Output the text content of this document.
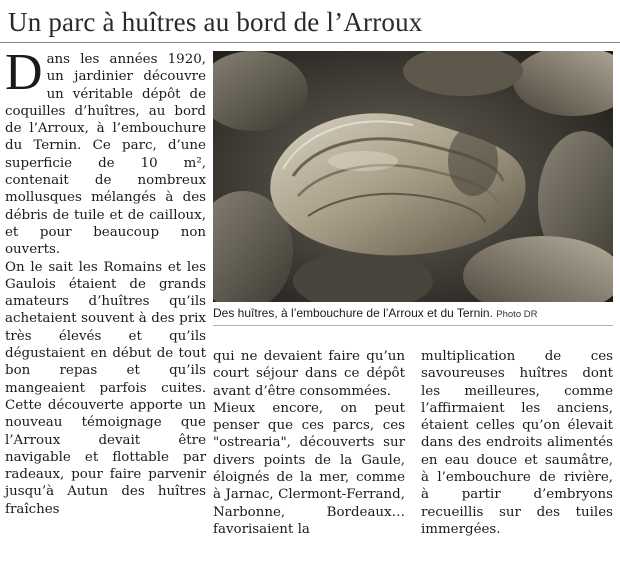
Un parc à huîtres au bord de l’Arroux

Dans les années 1920, un jardinier découvre un véritable dépôt de coquilles d’huîtres, au bord de l’Arroux, à l’embouchure du Ternin. Ce parc, d’une superficie de 10 m², contenait de nombreux mollusques mélangés à des débris de tuile et de cailloux, et pour beaucoup non ouverts.

On le sait les Romains et les Gaulois étaient de grands amateurs d’huîtres qu’ils achetaient souvent à des prix très élevés et qu’ils dégustaient en début de tout bon repas et qu’ils mangeaient parfois cuites. Cette découverte apporte un nouveau témoignage que l’Arroux devait être navigable et flottable par radeaux, pour faire parvenir jusqu’à Autun des huîtres fraîches

Des huîtres, à l’embouchure de l’Arroux et du Ternin. Photo DR

qui ne devaient faire qu’un court séjour dans ce dépôt avant d’être consommées.

Mieux encore, on peut penser que ces parcs, ces "ostrearia", découverts sur divers points de la Gaule, éloignés de la mer, comme à Jarnac, Clermont-Ferrand, Narbonne, Bordeaux… favorisaient la

multiplication de ces savoureuses huîtres dont les meilleures, comme l’affirmaient les anciens, étaient celles qu’on élevait dans des endroits alimentés en eau douce et saumâtre, à l’embouchure de rivière, à partir d’embryons recueillis sur des tuiles immergées.
